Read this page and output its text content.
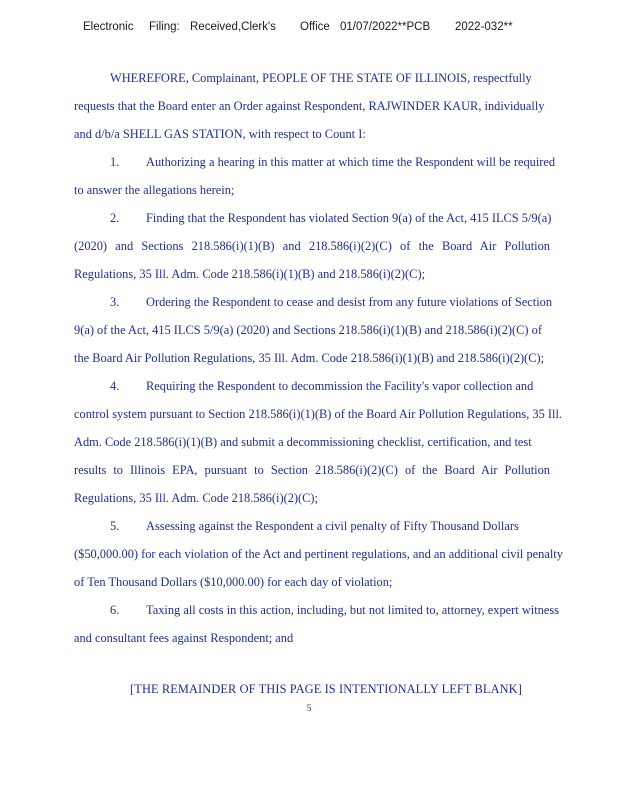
Electronic Filing: Received,Clerk's Office 01/07/2022**PCB 2022-032**
WHEREFORE, Complainant, PEOPLE OF THE STATE OF ILLINOIS, respectfully
requests that the Board enter an Order against Respondent, RAJWINDER KAUR, individually
and d/b/a SHELL GAS STATION, with respect to Count I:
1. Authorizing a hearing in this matter at which time the Respondent will be required
to answer the allegations herein;
2. Finding that the Respondent has violated Section 9(a) of the Act, 415 ILCS 5/9(a)
(2020) and Sections 218.586(i)(1)(B) and 218.586(i)(2)(C) of the Board Air Pollution
Regulations, 35 Ill. Adm. Code 218.586(i)(1)(B) and 218.586(i)(2)(C);
3. Ordering the Respondent to cease and desist from any future violations of Section
9(a) of the Act, 415 ILCS 5/9(a) (2020) and Sections 218.586(i)(1)(B) and 218.586(i)(2)(C) of
the Board Air Pollution Regulations, 35 Ill. Adm. Code 218.586(i)(1)(B) and 218.586(i)(2)(C);
4. Requiring the Respondent to decommission the Facility's vapor collection and
control system pursuant to Section 218.586(i)(1)(B) of the Board Air Pollution Regulations, 35 Ill.
Adm. Code 218.586(i)(1)(B) and submit a decommissioning checklist, certification, and test
results to Illinois EPA, pursuant to Section 218.586(i)(2)(C) of the Board Air Pollution
Regulations, 35 Ill. Adm. Code 218.586(i)(2)(C);
5. Assessing against the Respondent a civil penalty of Fifty Thousand Dollars
($50,000.00) for each violation of the Act and pertinent regulations, and an additional civil penalty
of Ten Thousand Dollars ($10,000.00) for each day of violation;
6. Taxing all costs in this action, including, but not limited to, attorney, expert witness
and consultant fees against Respondent; and
[THE REMAINDER OF THIS PAGE IS INTENTIONALLY LEFT BLANK]
5
